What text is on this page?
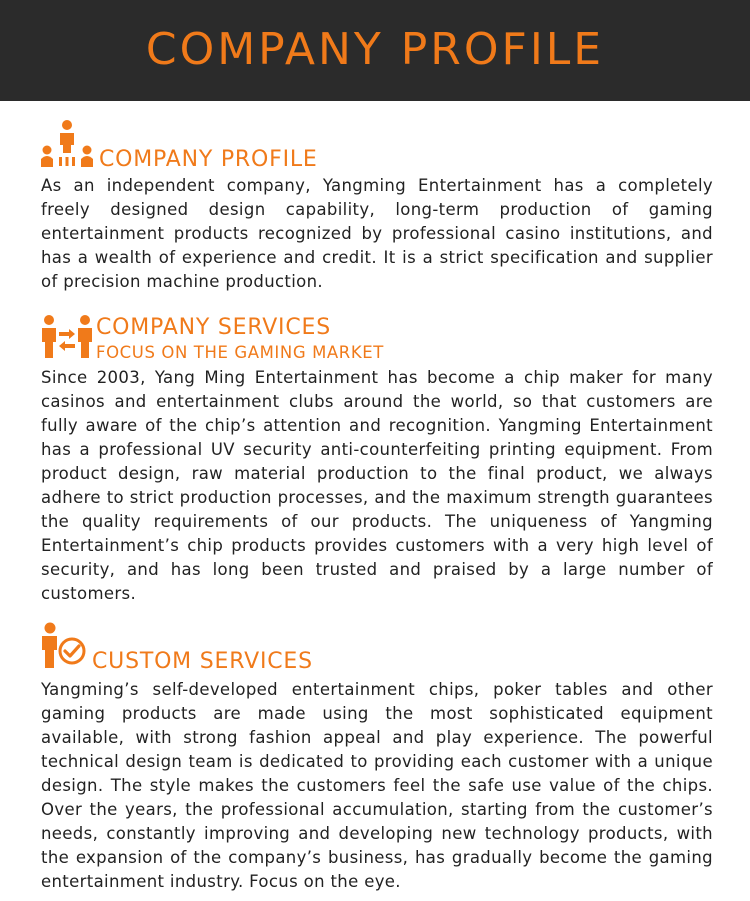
COMPANY PROFILE
COMPANY PROFILE

As an independent company, Yangming Entertainment has a completely freely designed design capability, long-term production of gaming entertainment products recognized by professional casino institutions, and has a wealth of experience and credit. It is a strict specification and supplier of precision machine production.

COMPANY SERVICES
FOCUS ON THE GAMING MARKET

Since 2003, Yang Ming Entertainment has become a chip maker for many casinos and entertainment clubs around the world, so that customers are fully aware of the chip’s attention and recognition. Yangming Entertainment has a professional UV security anti-counterfeiting printing equipment. From product design, raw material production to the final product, we always adhere to strict production processes, and the maximum strength guarantees the quality requirements of our products. The uniqueness of Yangming Entertainment’s chip products provides customers with a very high level of security, and has long been trusted and praised by a large number of customers.

CUSTOM SERVICES

Yangming’s self-developed entertainment chips, poker tables and other gaming products are made using the most sophisticated equipment available, with strong fashion appeal and play experience. The powerful technical design team is dedicated to providing each customer with a unique design. The style makes the customers feel the safe use value of the chips. Over the years, the professional accumulation, starting from the customer’s needs, constantly improving and developing new technology products, with the expansion of the company’s business, has gradually become the gaming entertainment industry. Focus on the eye.
